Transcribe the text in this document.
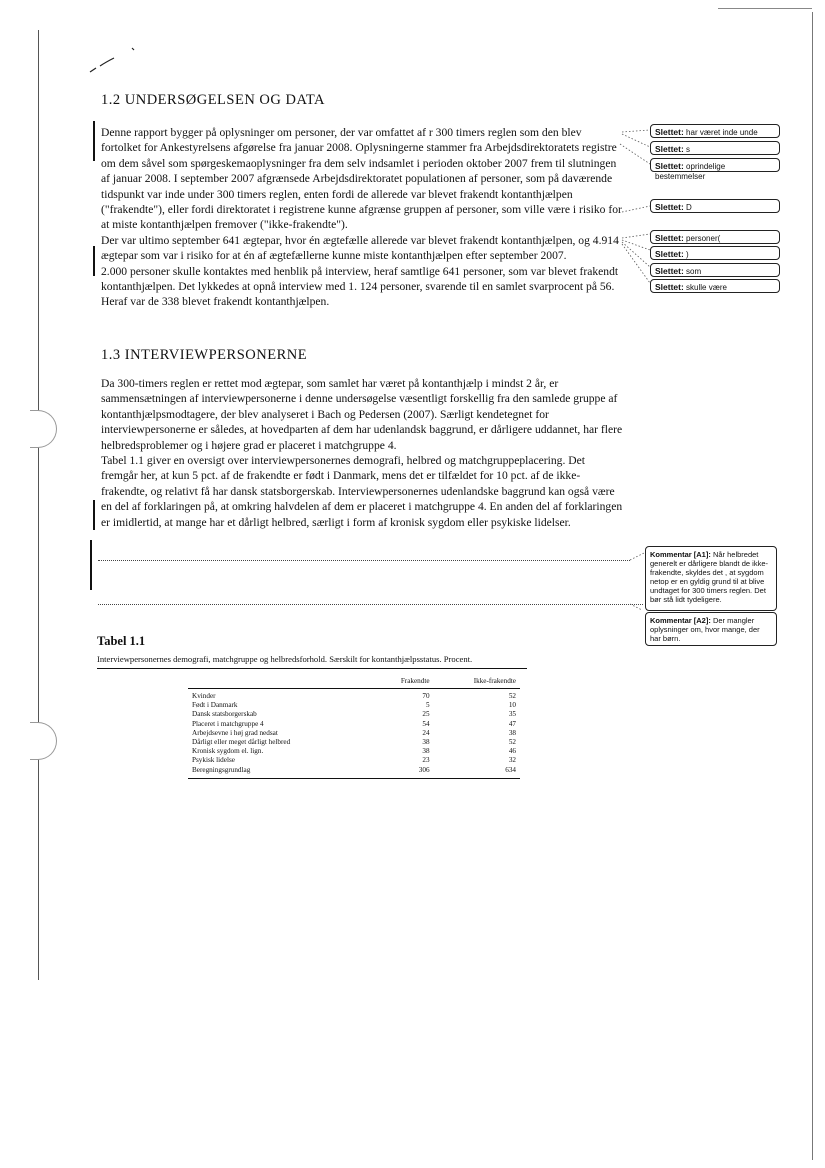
1.2 UNDERSØGELSEN OG DATA
Denne rapport bygger på oplysninger om personer, der var omfattet af r 300 timers reglen som den blev
fortolket for Ankestyrelsens afgørelse fra januar 2008. Oplysningerne stammer fra Arbejdsdirektoratets registre
om dem såvel som spørgeskemaoplysninger fra dem selv indsamlet i perioden oktober 2007 frem til slutningen
af januar 2008. I september 2007 afgrænsede Arbejdsdirektoratet populationen af personer, som på daværende
tidspunkt var inde under 300 timers reglen, enten fordi de allerede var blevet frakendt kontanthjælpen
("frakendte"), eller fordi direktoratet i registrene kunne afgrænse gruppen af personer, som ville være i risiko for
at miste kontanthjælpen fremover ("ikke-frakendte").
Der var ultimo september 641 ægtepar, hvor én ægtefælle allerede var blevet frakendt kontanthjælpen, og 4.914
ægtepar som var i risiko for at én af ægtefællerne kunne miste kontanthjælpen efter september 2007.
2.000 personer skulle kontaktes med henblik på interview, heraf samtlige 641 personer, som var blevet frakendt
kontanthjælpen. Det lykkedes at opnå interview med 1. 124 personer, svarende til en samlet svarprocent på 56.
Heraf var de 338 blevet frakendt kontanthjælpen.
Slettet: har været inde unde
Slettet: s
Slettet: oprindelige bestemmelser
Slettet: D
Slettet: personer(
Slettet: )
Slettet: som
Slettet: skulle være
1.3 INTERVIEWPERSONERNE
Da 300-timers reglen er rettet mod ægtepar, som samlet har været på kontanthjælp i mindst 2 år, er
sammensætningen af interviewpersonerne i denne undersøgelse væsentligt forskellig fra den samlede gruppe af
kontanthjælpsmodtagere, der blev analyseret i Bach og Pedersen (2007). Særligt kendetegnet for
interviewpersonerne er således, at hovedparten af dem har udenlandsk baggrund, er dårligere uddannet, har flere
helbredsproblemer og i højere grad er placeret i matchgruppe 4.
Tabel 1.1 giver en oversigt over interviewpersonernes demografi, helbred og matchgruppeplacering. Det
fremgår her, at kun 5 pct. af de frakendte er født i Danmark, mens det er tilfældet for 10 pct. af de ikke-
frakendte, og relativt få har dansk statsborgerskab. Interviewpersonernes udenlandske baggrund kan også være
en del af forklaringen på, at omkring halvdelen af dem er placeret i matchgruppe 4. En anden del af forklaringen
er imidlertid, at mange har et dårligt helbred, særligt i form af kronisk sygdom eller psykiske lidelser.
Kommentar [A1]: Når helbredet generelt er dårligere blandt de ikke-frakendte, skyldes det , at sygdom netop er en gyldig grund til at blive undtaget for 300 timers reglen. Det bør stå lidt tydeligere.
Kommentar [A2]: Der mangler oplysninger om, hvor mange, der har børn.
Tabel 1.1
Interviewpersonernes demografi, matchgruppe og helbredsforhold. Særskilt for kontanthjælpsstatus. Procent.
	Frakendte	Ikke-frakendte
Kvinder	70	52
Født i Danmark	5	10
Dansk statsborgerskab	25	35
Placeret i matchgruppe 4	54	47
Arbejdsevne i høj grad nedsat	24	38
Dårligt eller meget dårligt helbred	38	52
Kronisk sygdom el. lign.	38	46
Psykisk lidelse	23	32
Beregningsgrundlag	306	634
